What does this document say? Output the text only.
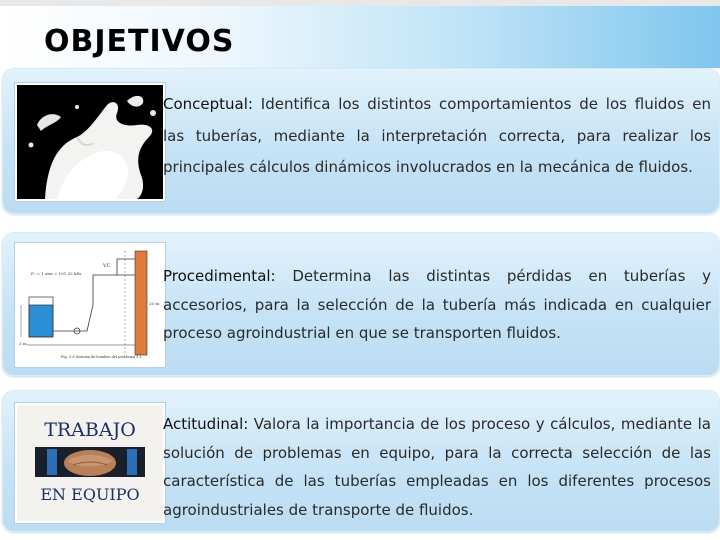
OBJETIVOS
Conceptual: Identifica los distintos comportamientos de los fluidos en las tuberías, mediante la interpretación correcta, para realizar los principales cálculos dinámicos involucrados en la mecánica de fluidos.
P₀ = 1 atm = 101,33 kPa
VC
20 m
3 m
Fig. 3.8 Sistema de bombeo del problema 3.1
Procedimental: Determina las distintas pérdidas en tuberías y accesorios, para la selección de la tubería más indicada en cualquier proceso agroindustrial en que se transporten fluidos.
TRABAJO
EN EQUIPO
Actitudinal: Valora la importancia de los proceso y cálculos, mediante la solución de problemas en equipo, para la correcta selección de las característica de las tuberías empleadas en los diferentes procesos agroindustriales de transporte de fluidos.
